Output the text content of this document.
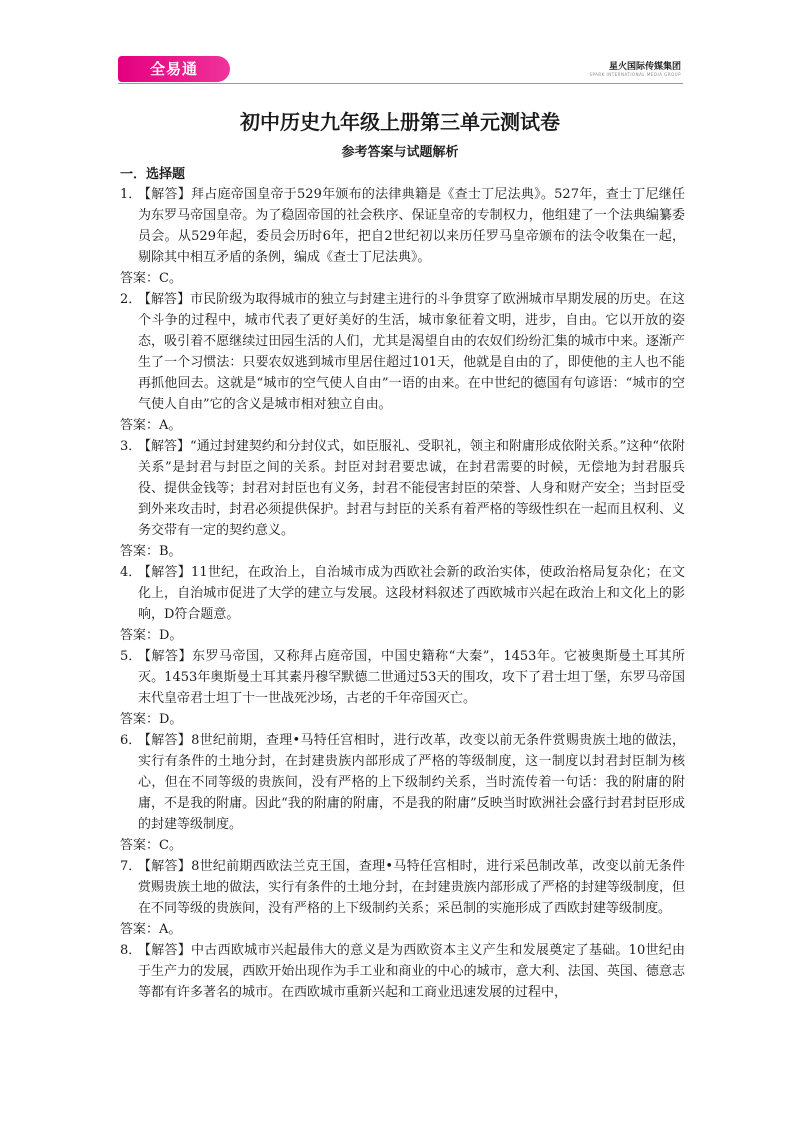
全易通	星火国际传媒集团
SPARK INTERNATIONAL MEDIA GROUP
初中历史九年级上册第三单元测试卷
参考答案与试题解析
一．选择题
1．
【解答】拜占庭帝国皇帝于529年颁布的法律典籍是《查士丁尼法典》。527年，查士丁尼继任为东罗马帝国皇帝。为了稳固帝国的社会秩序、保证皇帝的专制权力，他组建了一个法典编纂委员会。从529年起，委员会历时6年，把自2世纪初以来历任罗马皇帝颁布的法令收集在一起，剔除其中相互矛盾的条例，编成《查士丁尼法典》。
答案：C。
2．
【解答】市民阶级为取得城市的独立与封建主进行的斗争贯穿了欧洲城市早期发展的历史。在这个斗争的过程中，城市代表了更好美好的生活，城市象征着文明，进步，自由。它以开放的姿态，吸引着不愿继续过田园生活的人们，尤其是渴望自由的农奴们纷纷汇集的城市中来。逐渐产生了一个习惯法：只要农奴逃到城市里居住超过101天，他就是自由的了，即使他的主人也不能再抓他回去。这就是“城市的空气使人自由”一语的由来。在中世纪的德国有句谚语：“城市的空气使人自由”它的含义是城市相对独立自由。
答案：A。
3．
【解答】“通过封建契约和分封仪式，如臣服礼、受职礼，领主和附庸形成依附关系。”这种“依附关系”是封君与封臣之间的关系。封臣对封君要忠诚，在封君需要的时候，无偿地为封君服兵役、提供金钱等；封君对封臣也有义务，封君不能侵害封臣的荣誉、人身和财产安全；当封臣受到外来攻击时，封君必须提供保护。封君与封臣的关系有着严格的等级性织在一起而且权利、义务交带有一定的契约意义。
答案：B。
4．
【解答】11世纪，在政治上，自治城市成为西欧社会新的政治实体，使政治格局复杂化；在文化上，自治城市促进了大学的建立与发展。这段材料叙述了西欧城市兴起在政治上和文化上的影响，D符合题意。
答案：D。
5．
【解答】东罗马帝国，又称拜占庭帝国，中国史籍称“大秦”，1453年。它被奥斯曼土耳其所灭。1453年奥斯曼土耳其素丹穆罕默德二世通过53天的围攻，攻下了君士坦丁堡，东罗马帝国末代皇帝君士坦丁十一世战死沙场，古老的千年帝国灭亡。
答案：D。
6．
【解答】8世纪前期，查理•马特任宫相时，进行改革，改变以前无条件赏赐贵族土地的做法，实行有条件的土地分封，在封建贵族内部形成了严格的等级制度，这一制度以封君封臣制为核心，但在不同等级的贵族间，没有严格的上下级制约关系，当时流传着一句话：我的附庸的附庸，不是我的附庸。因此“我的附庸的附庸，不是我的附庸”反映当时欧洲社会盛行封君封臣形成的封建等级制度。
答案：C。
7．
【解答】8世纪前期西欧法兰克王国，查理•马特任宫相时，进行采邑制改革，改变以前无条件赏赐贵族土地的做法，实行有条件的土地分封，在封建贵族内部形成了严格的封建等级制度，但在不同等级的贵族间，没有严格的上下级制约关系；采邑制的实施形成了西欧封建等级制度。
答案：A。
8．
【解答】中古西欧城市兴起最伟大的意义是为西欧资本主义产生和发展奠定了基础。10世纪由于生产力的发展，西欧开始出现作为手工业和商业的中心的城市，意大利、法国、英国、德意志等都有许多著名的城市。在西欧城市重新兴起和工商业迅速发展的过程中，
